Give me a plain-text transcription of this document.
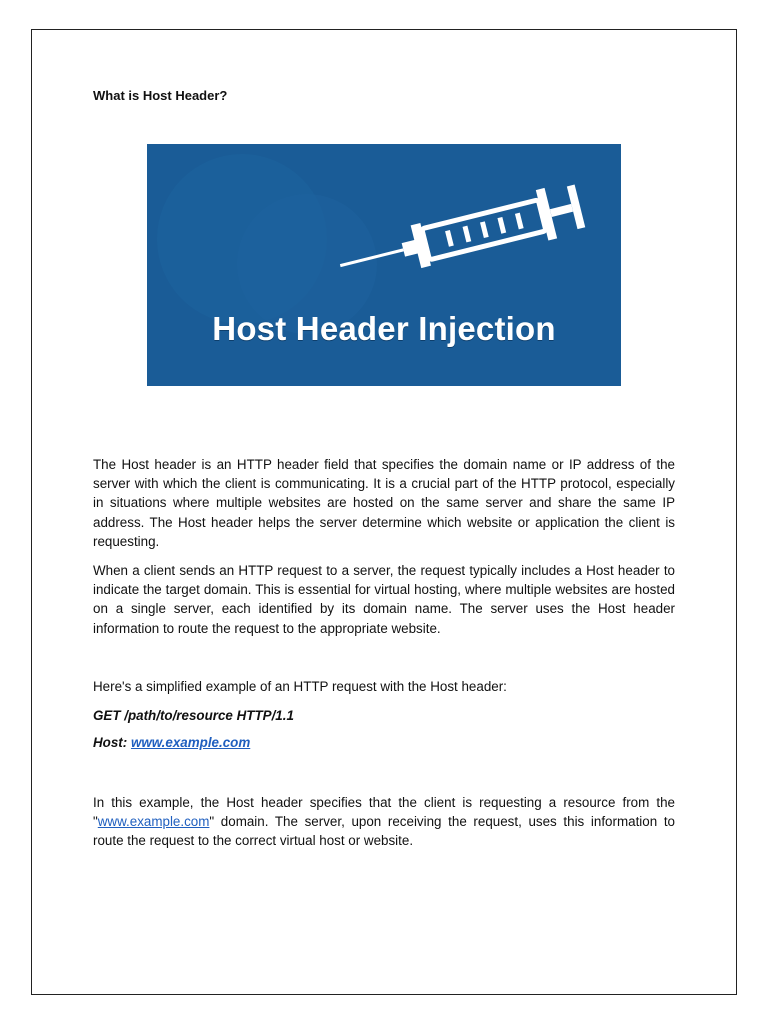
What is Host Header?
Host Header Injection
The Host header is an HTTP header field that specifies the domain name or IP address of the server with which the client is communicating. It is a crucial part of the HTTP protocol, especially in situations where multiple websites are hosted on the same server and share the same IP address. The Host header helps the server determine which website or application the client is requesting.
When a client sends an HTTP request to a server, the request typically includes a Host header to indicate the target domain. This is essential for virtual hosting, where multiple websites are hosted on a single server, each identified by its domain name. The server uses the Host header information to route the request to the appropriate website.
Here's a simplified example of an HTTP request with the Host header:
GET /path/to/resource HTTP/1.1
Host: www.example.com
In this example, the Host header specifies that the client is requesting a resource from the "www.example.com" domain. The server, upon receiving the request, uses this information to route the request to the correct virtual host or website.
